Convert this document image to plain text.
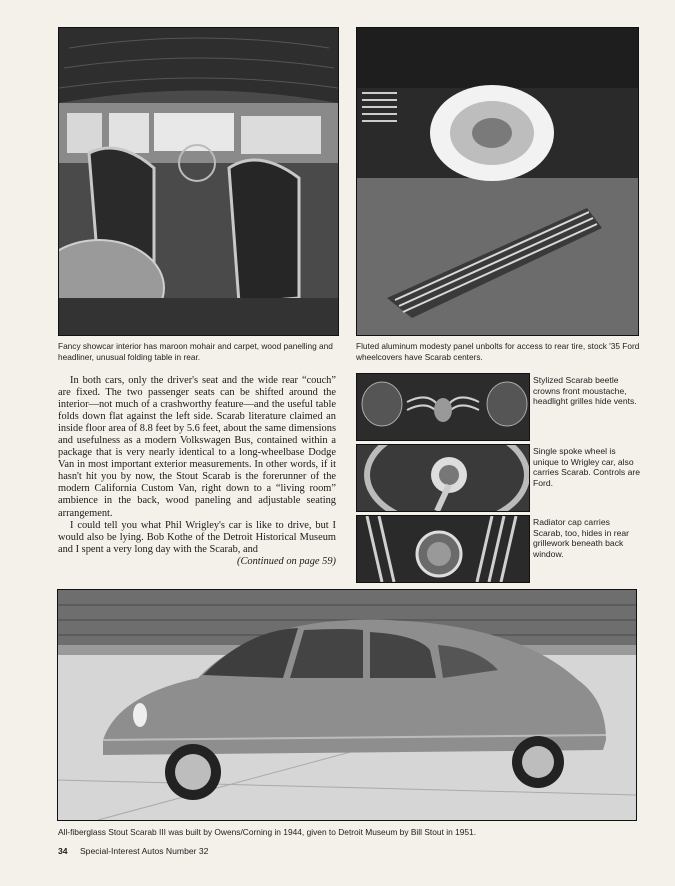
Fancy showcar interior has maroon mohair and carpet, wood panelling and headliner, unusual folding table in rear.
Fluted aluminum modesty panel unbolts for access to rear tire, stock '35 Ford wheelcovers have Scarab centers.

In both cars, only the driver's seat and the wide rear “couch” are fixed. The two passenger seats can be shifted around the interior—not much of a crashworthy feature—and the useful table folds down flat against the left side. Scarab literature claimed an inside floor area of 8.8 feet by 5.6 feet, about the same dimensions and usefulness as a modern Volkswagen Bus, contained within a package that is very nearly identical to a long-wheelbase Dodge Van in most important exterior measurements. In other words, if it hasn't hit you by now, the Stout Scarab is the forerunner of the modern California Custom Van, right down to a “living room” ambience in the back, wood paneling and adjustable seating arrangement.

I could tell you what Phil Wrigley's car is like to drive, but I would also be lying. Bob Kothe of the Detroit Historical Museum and I spent a very long day with the Scarab, and

(Continued on page 59)
Stylized Scarab beetle crowns front moustache, headlight grilles hide vents.
Single spoke wheel is unique to Wrigley car, also carries Scarab. Controls are Ford.
Radiator cap carries Scarab, too, hides in rear grillework beneath back window.
All-fiberglass Stout Scarab III was built by Owens/Corning in 1944, given to Detroit Museum by Bill Stout in 1951.
34 Special-Interest Autos Number 32
